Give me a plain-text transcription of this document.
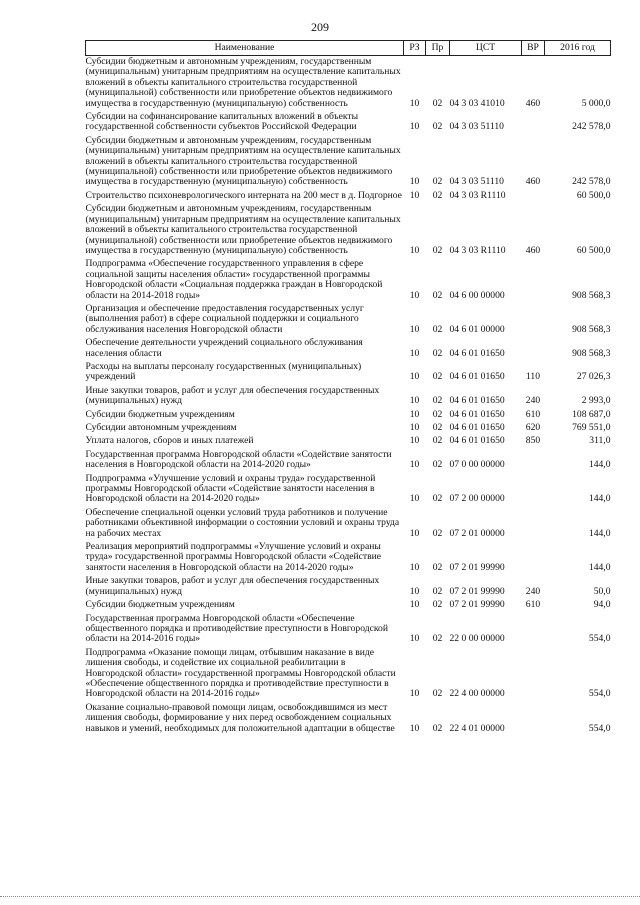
209
Наименование	РЗ	Пр	ЦСТ	ВР	2016 год
Субсидии бюджетным и автономным учреждениям, государственным (муниципальным) унитарным предприятиям на осуществление капитальных вложений в объекты капитального строительства государственной (муниципальной) собственности или приобретение объектов недвижимого имущества в государственную (муниципальную) собственность	10	02	04 3 03 41010	460	5 000,0
Субсидии на софинансирование капитальных вложений в объекты государственной собственности субъектов Российской Федерации	10	02	04 3 03 51110		242 578,0
Субсидии бюджетным и автономным учреждениям, государственным (муниципальным) унитарным предприятиям на осуществление капитальных вложений в объекты капитального строительства государственной (муниципальной) собственности или приобретение объектов недвижимого имущества в государственную (муниципальную) собственность	10	02	04 3 03 51110	460	242 578,0
Строительство психоневрологического интерната на 200 мест в д. Подгорное	10	02	04 3 03 R1110		60 500,0
Субсидии бюджетным и автономным учреждениям, государственным (муниципальным) унитарным предприятиям на осуществление капитальных вложений в объекты капитального строительства государственной (муниципальной) собственности или приобретение объектов недвижимого имущества в государственную (муниципальную) собственность	10	02	04 3 03 R1110	460	60 500,0
Подпрограмма «Обеспечение государственного управления в сфере социальной защиты населения области» государственной программы Новгородской области «Социальная поддержка граждан в Новгородской области на 2014-2018 годы»	10	02	04 6 00 00000		908 568,3
Организация и обеспечение предоставления государственных услуг (выполнения работ) в сфере социальной поддержки и социального обслуживания населения Новгородской области	10	02	04 6 01 00000		908 568,3
Обеспечение деятельности учреждений социального обслуживания населения области	10	02	04 6 01 01650		908 568,3
Расходы на выплаты персоналу государственных (муниципальных) учреждений	10	02	04 6 01 01650	110	27 026,3
Иные закупки товаров, работ и услуг для обеспечения государственных (муниципальных) нужд	10	02	04 6 01 01650	240	2 993,0
Субсидии бюджетным учреждениям	10	02	04 6 01 01650	610	108 687,0
Субсидии автономным учреждениям	10	02	04 6 01 01650	620	769 551,0
Уплата налогов, сборов и иных платежей	10	02	04 6 01 01650	850	311,0
Государственная программа Новгородской области «Содействие занятости населения в Новгородской области на 2014-2020 годы»	10	02	07 0 00 00000		144,0
Подпрограмма «Улучшение условий и охраны труда» государственной программы Новгородской области «Содействие занятости населения в Новгородской области на 2014-2020 годы»	10	02	07 2 00 00000		144,0
Обеспечение специальной оценки условий труда работников и получение работниками объективной информации о состоянии условий и охраны труда на рабочих местах	10	02	07 2 01 00000		144,0
Реализация мероприятий подпрограммы «Улучшение условий и охраны труда» государственной программы Новгородской области «Содействие занятости населения в Новгородской области на 2014-2020 годы»	10	02	07 2 01 99990		144,0
Иные закупки товаров, работ и услуг для обеспечения государственных (муниципальных) нужд	10	02	07 2 01 99990	240	50,0
Субсидии бюджетным учреждениям	10	02	07 2 01 99990	610	94,0
Государственная программа Новгородской области «Обеспечение общественного порядка и противодействие преступности в Новгородской области на 2014-2016 годы»	10	02	22 0 00 00000		554,0
Подпрограмма «Оказание помощи лицам, отбывшим наказание в виде лишения свободы, и содействие их социальной реабилитации в Новгородской области» государственной программы Новгородской области «Обеспечение общественного порядка и противодействие преступности в Новгородской области на 2014-2016 годы»	10	02	22 4 00 00000		554,0
Оказание социально-правовой помощи лицам, освобождившимся из мест лишения свободы, формирование у них перед освобождением социальных навыков и умений, необходимых для положительной адаптации в обществе	10	02	22 4 01 00000		554,0
